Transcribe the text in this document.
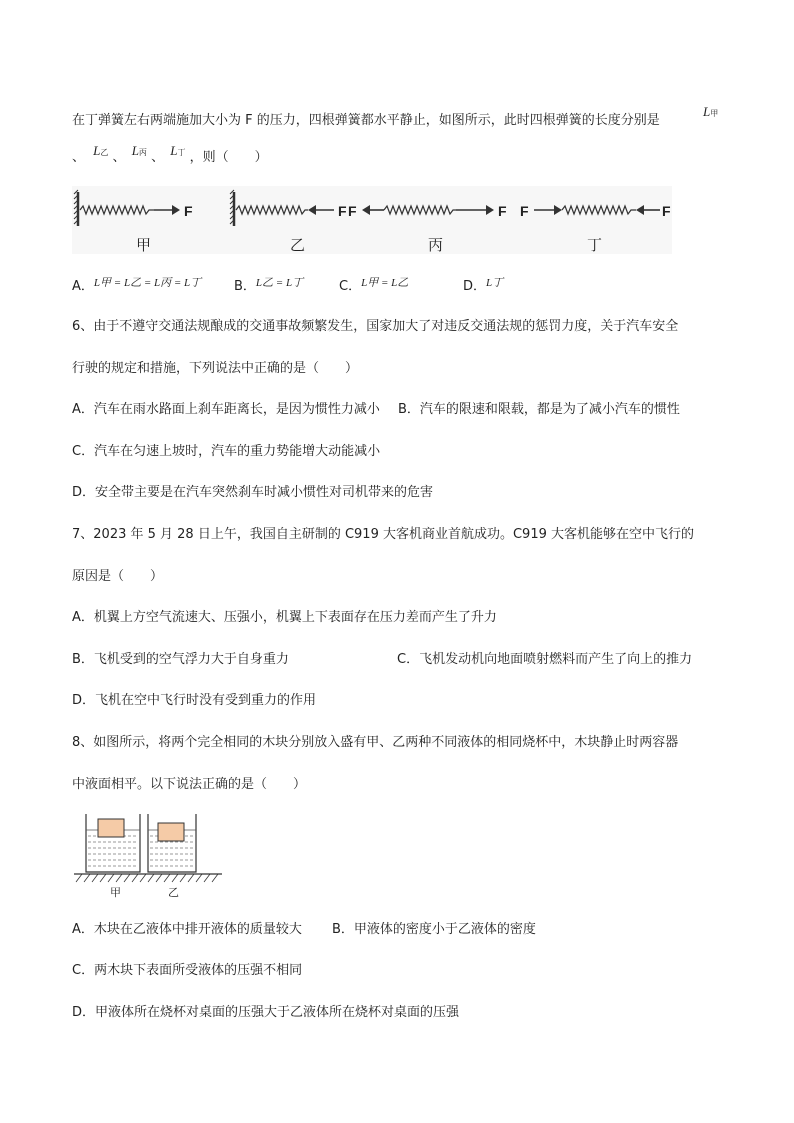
在丁弹簧左右两端施加大小为 F 的压力，四根弹簧都水平静止，如图所示，此时四根弹簧的长度分别是
L甲
、 L乙 、 L丙 、 L丁 ，则（　　）
F	F F	F F	F
甲	乙	丙	丁
A．$^{L甲 = L乙 = L丙 = L丁}$	B．$^{L乙 = L丁}$	C．$^{L甲 = L乙}$	D．$^{L丁}$
6、由于不遵守交通法规酿成的交通事故频繁发生，国家加大了对违反交通法规的惩罚力度，关于汽车安全
行驶的规定和措施，下列说法中正确的是（　　）
A．汽车在雨水路面上刹车距离长，是因为惯性力减小 B．汽车的限速和限载，都是为了减小汽车的惯性
C．汽车在匀速上坡时，汽车的重力势能增大动能减小
D．安全带主要是在汽车突然刹车时减小惯性对司机带来的危害
7、2023 年 5 月 28 日上午，我国自主研制的 C919 大客机商业首航成功。C919 大客机能够在空中飞行的
原因是（　　）
A．机翼上方空气流速大、压强小，机翼上下表面存在压力差而产生了升力
B．飞机受到的空气浮力大于自身重力	C．飞机发动机向地面喷射燃料而产生了向上的推力
D．飞机在空中飞行时没有受到重力的作用
8、如图所示，将两个完全相同的木块分别放入盛有甲、乙两种不同液体的相同烧杯中，木块静止时两容器
中液面相平。以下说法正确的是（　　）
甲	乙
A．木块在乙液体中排开液体的质量较大 B．甲液体的密度小于乙液体的密度
C．两木块下表面所受液体的压强不相同
D．甲液体所在烧杯对桌面的压强大于乙液体所在烧杯对桌面的压强
